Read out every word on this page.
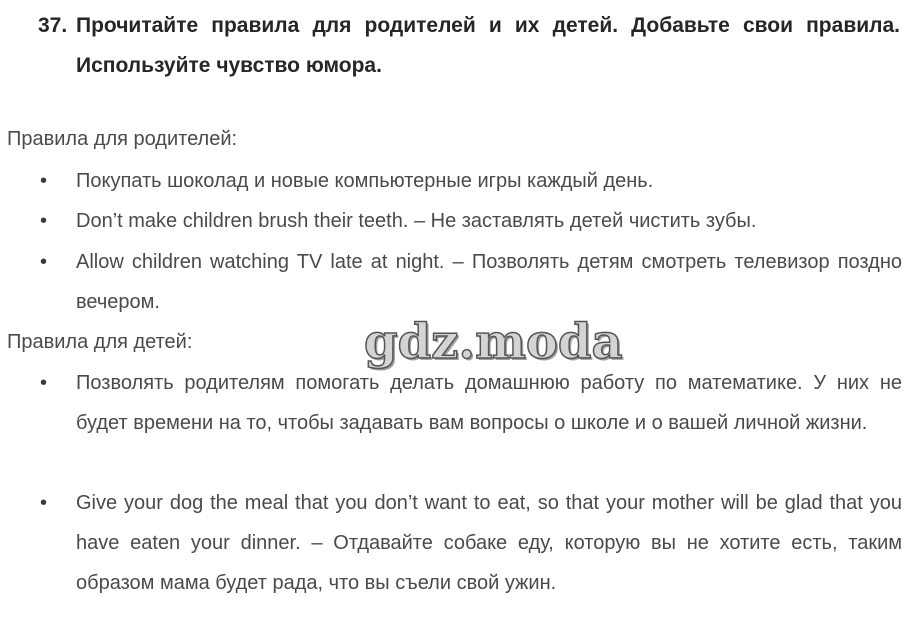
37. Прочитайте правила для родителей и их детей. Добавьте свои правила. Используйте чувство юмора.
Правила для родителей:
• Покупать шоколад и новые компьютерные игры каждый день.
• Don’t make children brush their teeth. – Не заставлять детей чистить зубы.
• Allow children watching TV late at night. – Позволять детям смотреть телевизор поздно вечером.
Правила для детей:
• Позволять родителям помогать делать домашнюю работу по математике. У них не будет времени на то, чтобы задавать вам вопросы о школе и о вашей личной жизни.
• Give your dog the meal that you don’t want to eat, so that your mother will be glad that you have eaten your dinner. – Отдавайте собаке еду, которую вы не хотите есть, таким образом мама будет рада, что вы съели свой ужин.
gdz.moda
